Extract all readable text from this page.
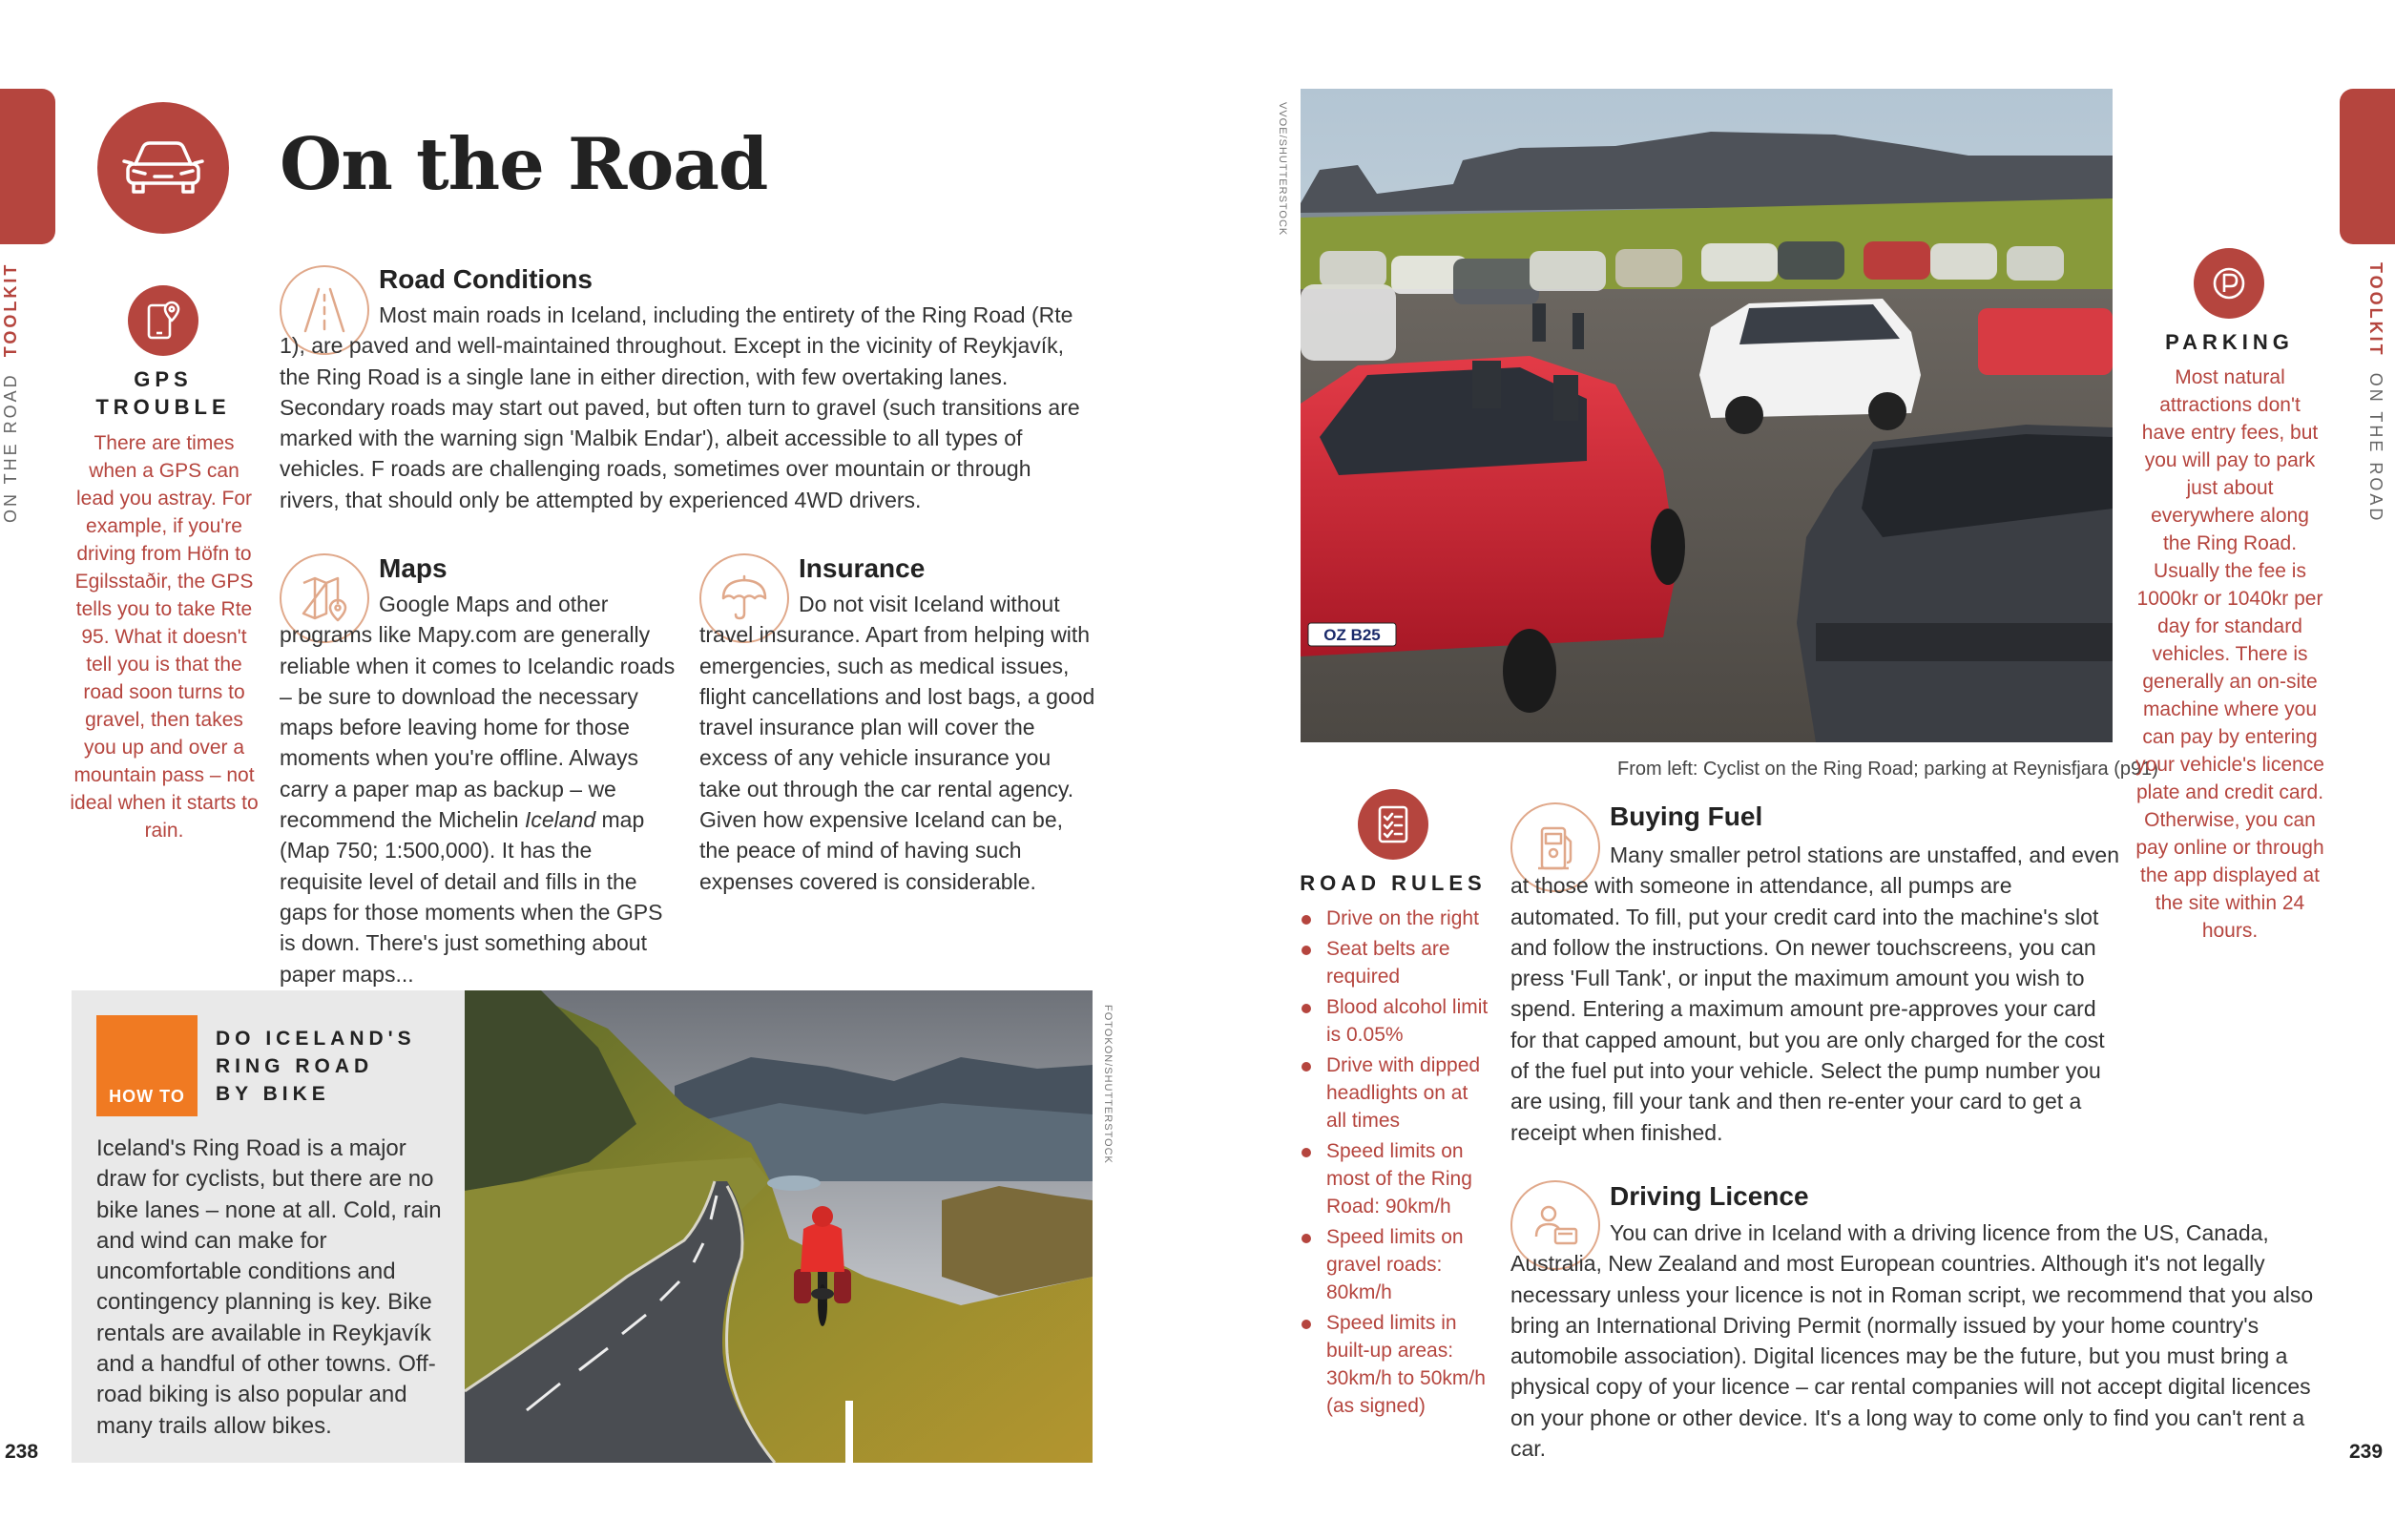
ON THE ROAD  TOOLKIT
On the Road
GPS
TROUBLE
There are times when a GPS can lead you astray. For example, if you're driving from Höfn to Egilsstaðir, the GPS tells you to take Rte 95. What it doesn't tell you is that the road soon turns to gravel, then takes you up and over a mountain pass – not ideal when it starts to rain.
Road Conditions
Most main roads in Iceland, including the entirety of the Ring Road (Rte 1), are paved and well-maintained throughout. Except in the vicinity of Reykjavík, the Ring Road is a single lane in either direction, with few overtaking lanes. Secondary roads may start out paved, but often turn to gravel (such transitions are marked with the warning sign 'Malbik Endar'), albeit accessible to all types of vehicles. F roads are challenging roads, sometimes over mountain or through rivers, that should only be attempted by experienced 4WD drivers.
Maps
Google Maps and other programs like Mapy.com are generally reliable when it comes to Icelandic roads – be sure to download the necessary maps before leaving home for those moments when you're offline. Always carry a paper map as backup – we recommend the Michelin Iceland map (Map 750; 1:500,000). It has the requisite level of detail and fills in the gaps for those moments when the GPS is down. There's just something about paper maps...
Insurance
Do not visit Iceland without travel insurance. Apart from helping with emergencies, such as medical issues, flight cancellations and lost bags, a good travel insurance plan will cover the excess of any vehicle insurance you take out through the car rental agency. Given how expensive Iceland can be, the peace of mind of having such expenses covered is considerable.
HOW TO
DO ICELAND'S
RING ROAD
BY BIKE
Iceland's Ring Road is a major draw for cyclists, but there are no bike lanes – none at all. Cold, rain and wind can make for uncomfortable conditions and contingency planning is key. Bike rentals are available in Reykjavík and a handful of other towns. Off-road biking is also popular and many trails allow bikes.
FOTOKON/SHUTTERSTOCK
238
VVOE/SHUTTERSTOCK
OZ B25
From left: Cyclist on the Ring Road; parking at Reynisfjara (p91)
TOOLKIT  ON THE ROAD
ROAD RULES
Drive on the right
Seat belts are required
Blood alcohol limit is 0.05%
Drive with dipped headlights on at all times
Speed limits on most of the Ring Road: 90km/h
Speed limits on gravel roads: 80km/h
Speed limits in built-up areas: 30km/h to 50km/h (as signed)
Buying Fuel
Many smaller petrol stations are unstaffed, and even at those with someone in attendance, all pumps are automated. To fill, put your credit card into the machine's slot and follow the instructions. On newer touchscreens, you can press 'Full Tank', or input the maximum amount you wish to spend. Entering a maximum amount pre-approves your card for that capped amount, but you are only charged for the cost of the fuel put into your vehicle. Select the pump number you are using, fill your tank and then re-enter your card to get a receipt when finished.
Driving Licence
You can drive in Iceland with a driving licence from the US, Canada, Australia, New Zealand and most European countries. Although it's not legally necessary unless your licence is not in Roman script, we recommend that you also bring an International Driving Permit (normally issued by your home country's automobile association). Digital licences may be the future, but you must bring a physical copy of your licence – car rental companies will not accept digital licences on your phone or other device. It's a long way to come only to find you can't rent a car.
PARKING
Most natural attractions don't have entry fees, but you will pay to park just about everywhere along the Ring Road. Usually the fee is 1000kr or 1040kr per day for standard vehicles. There is generally an on-site machine where you can pay by entering your vehicle's licence plate and credit card. Otherwise, you can pay online or through the app displayed at the site within 24 hours.
239
